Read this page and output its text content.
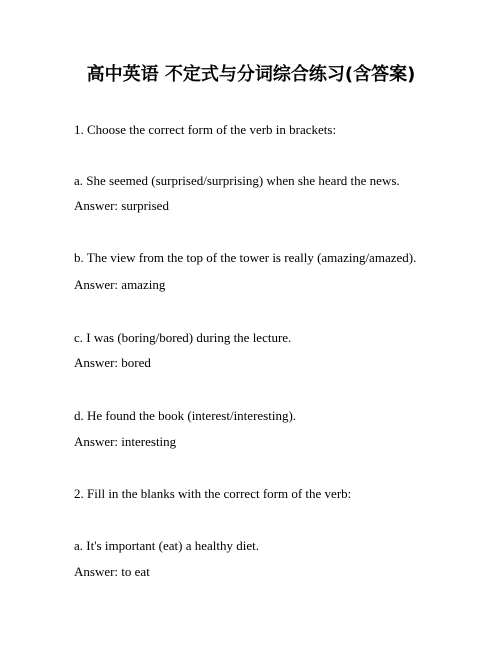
高中英语 不定式与分词综合练习(含答案)
1. Choose the correct form of the verb in brackets:
a. She seemed (surprised/surprising) when she heard the news.
Answer: surprised
b. The view from the top of the tower is really (amazing/amazed).
Answer: amazing
c. I was (boring/bored) during the lecture.
Answer: bored
d. He found the book (interest/interesting).
Answer: interesting
2. Fill in the blanks with the correct form of the verb:
a. It's important (eat) a healthy diet.
Answer: to eat
